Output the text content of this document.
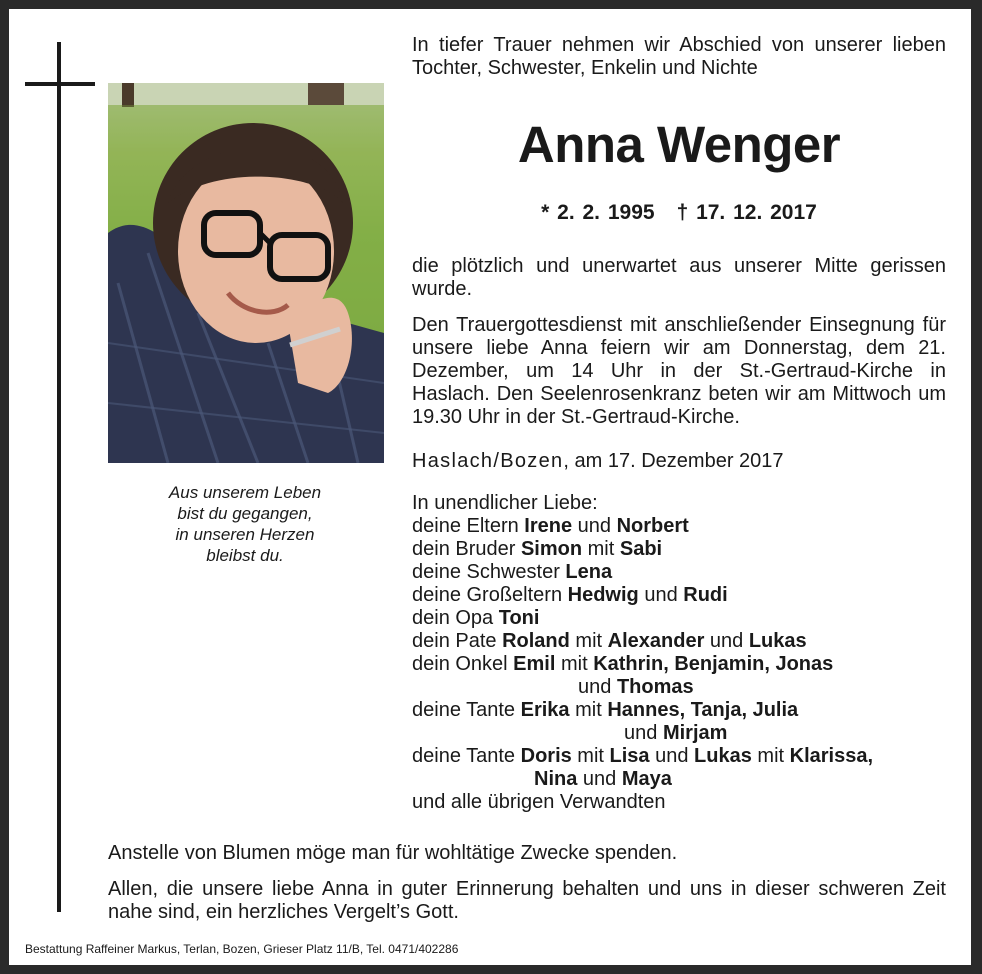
Aus unserem Leben
bist du gegangen,
in unseren Herzen
bleibst du.
In tiefer Trauer nehmen wir Abschied von unserer lieben Tochter, Schwester, Enkelin und Nichte
Anna Wenger
* 2. 2. 1995 † 17. 12. 2017
die plötzlich und unerwartet aus unserer Mitte gerissen wurde.
Den Trauergottesdienst mit anschließender Einsegnung für unsere liebe Anna feiern wir am Donnerstag, dem 21. Dezember, um 14 Uhr in der St.-Gertraud-Kirche in Haslach. Den Seelenrosenkranz beten wir am Mittwoch um 19.30 Uhr in der St.-Gertraud-Kirche.
Haslach/Bozen, am 17. Dezember 2017
In unendlicher Liebe:
deine Eltern Irene und Norbert
dein Bruder Simon mit Sabi
deine Schwester Lena
deine Großeltern Hedwig und Rudi
dein Opa Toni
dein Pate Roland mit Alexander und Lukas
dein Onkel Emil mit Kathrin, Benjamin, Jonas
und Thomas
deine Tante Erika mit Hannes, Tanja, Julia
und Mirjam
deine Tante Doris mit Lisa und Lukas mit Klarissa,
Nina und Maya
und alle übrigen Verwandten
Anstelle von Blumen möge man für wohltätige Zwecke spenden.
Allen, die unsere liebe Anna in guter Erinnerung behalten und uns in dieser schweren Zeit nahe sind, ein herzliches Vergelt’s Gott.
Bestattung Raffeiner Markus, Terlan, Bozen, Grieser Platz 11/B, Tel. 0471/402286
